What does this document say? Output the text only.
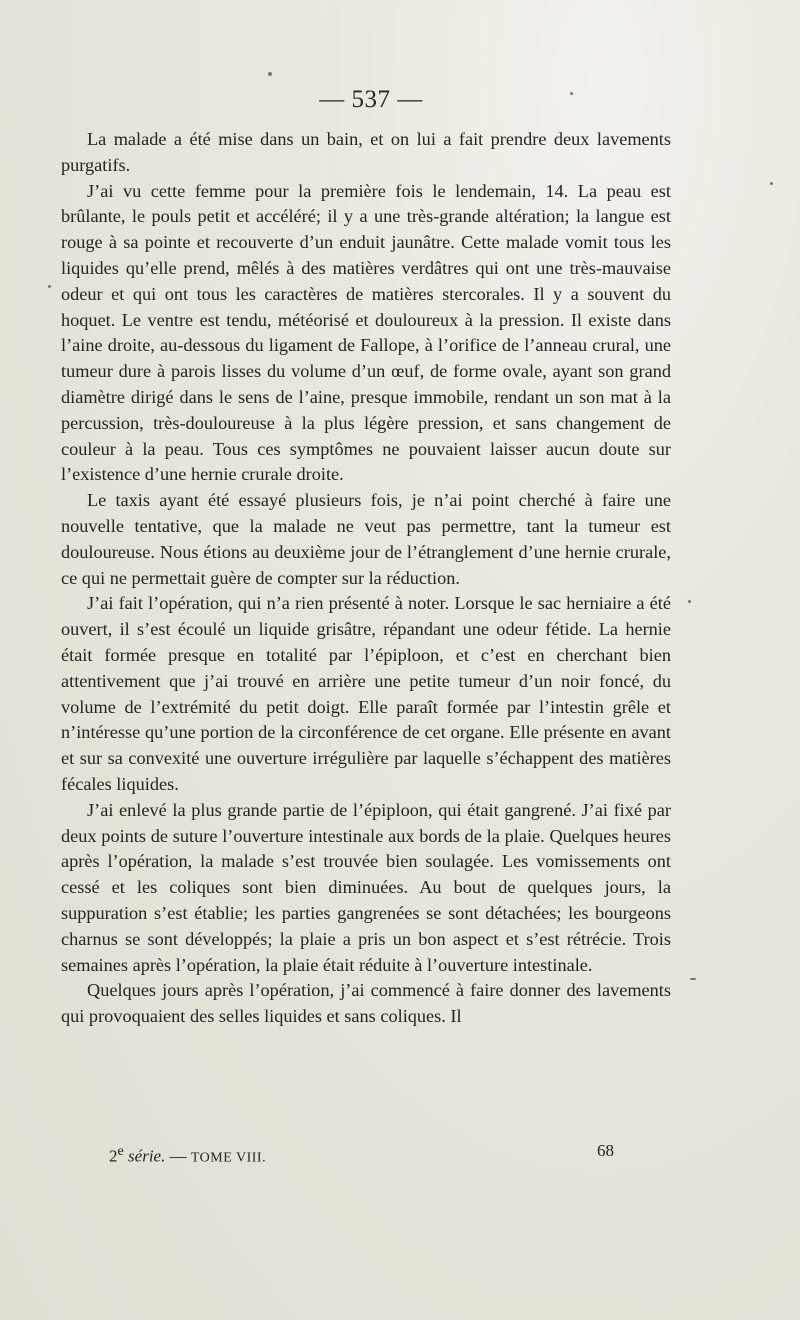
— 537 —

La malade a été mise dans un bain, et on lui a fait prendre deux lavements purgatifs.

J’ai vu cette femme pour la première fois le lendemain, 14. La peau est brûlante, le pouls petit et accéléré; il y a une très-grande altération; la langue est rouge à sa pointe et recouverte d’un enduit jaunâtre. Cette malade vomit tous les liquides qu’elle prend, mêlés à des matières verdâtres qui ont une très-mauvaise odeur et qui ont tous les caractères de matières stercorales. Il y a souvent du hoquet. Le ventre est tendu, météorisé et douloureux à la pression. Il existe dans l’aine droite, au-dessous du ligament de Fallope, à l’orifice de l’anneau crural, une tumeur dure à parois lisses du volume d’un œuf, de forme ovale, ayant son grand diamètre dirigé dans le sens de l’aine, presque immobile, rendant un son mat à la percussion, très-douloureuse à la plus légère pression, et sans changement de couleur à la peau. Tous ces symptômes ne pouvaient laisser aucun doute sur l’existence d’une hernie crurale droite.

Le taxis ayant été essayé plusieurs fois, je n’ai point cherché à faire une nouvelle tentative, que la malade ne veut pas permettre, tant la tumeur est douloureuse. Nous étions au deuxième jour de l’étranglement d’une hernie crurale, ce qui ne permettait guère de compter sur la réduction.

J’ai fait l’opération, qui n’a rien présenté à noter. Lorsque le sac herniaire a été ouvert, il s’est écoulé un liquide grisâtre, répandant une odeur fétide. La hernie était formée presque en totalité par l’épiploon, et c’est en cherchant bien attentivement que j’ai trouvé en arrière une petite tumeur d’un noir foncé, du volume de l’extrémité du petit doigt. Elle paraît formée par l’intestin grêle et n’intéresse qu’une portion de la circonférence de cet organe. Elle présente en avant et sur sa convexité une ouverture irrégulière par laquelle s’échappent des matières fécales liquides.

J’ai enlevé la plus grande partie de l’épiploon, qui était gangrené. J’ai fixé par deux points de suture l’ouverture intestinale aux bords de la plaie. Quelques heures après l’opération, la malade s’est trouvée bien soulagée. Les vomissements ont cessé et les coliques sont bien diminuées. Au bout de quelques jours, la suppuration s’est établie; les parties gangrenées se sont détachées; les bourgeons charnus se sont développés; la plaie a pris un bon aspect et s’est rétrécie. Trois semaines après l’opération, la plaie était réduite à l’ouverture intestinale.

Quelques jours après l’opération, j’ai commencé à faire donner des lavements qui provoquaient des selles liquides et sans coliques. Il

2e série. — TOME VIII.	68
